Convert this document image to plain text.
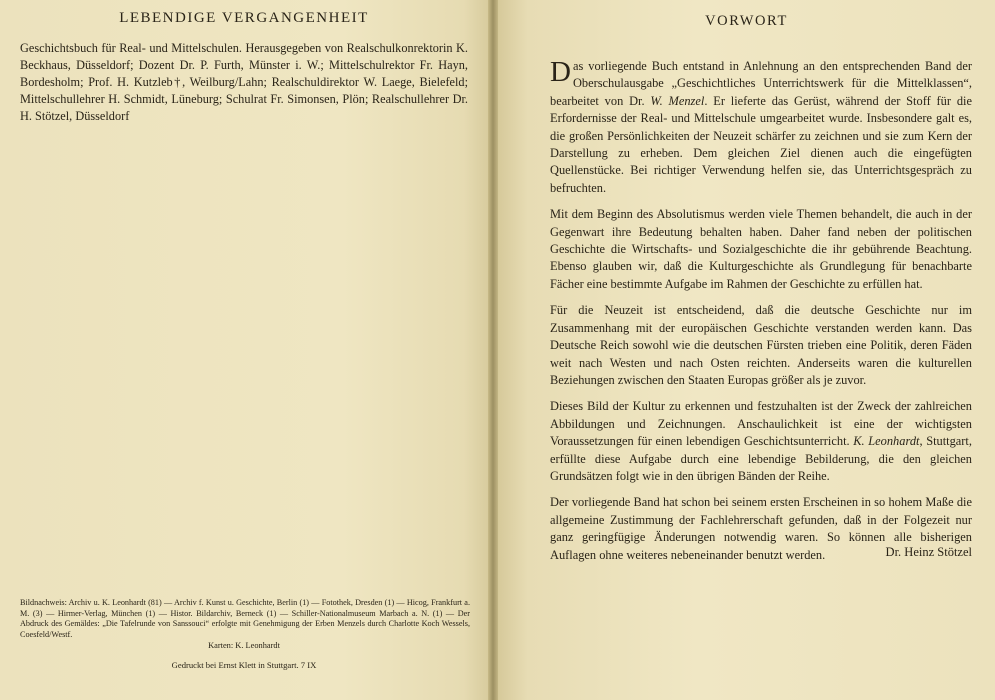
LEBENDIGE VERGANGENHEIT
Geschichtsbuch für Real- und Mittelschulen. Herausgegeben von Realschulkonrektorin K. Beckhaus, Düsseldorf; Dozent Dr. P. Furth, Münster i. W.; Mittelschulrektor Fr. Hayn, Bordesholm; Prof. H. Kutzleb†, Weilburg/Lahn; Realschuldirektor W. Laege, Bielefeld; Mittelschullehrer H. Schmidt, Lüneburg; Schulrat Fr. Simonsen, Plön; Realschullehrer Dr. H. Stötzel, Düsseldorf

Bildnachweis: Archiv u. K. Leonhardt (81) — Archiv f. Kunst u. Geschichte, Berlin (1) — Fotothek, Dresden (1) — Hicog, Frankfurt a. M. (3) — Hirmer-Verlag, München (1) — Histor. Bildarchiv, Berneck (1) — Schiller-Nationalmuseum Marbach a. N. (1) — Der Abdruck des Gemäldes: „Die Tafelrunde von Sanssouci“ erfolgte mit Genehmigung der Erben Menzels durch Charlotte Koch Wessels, Coesfeld/Westf.

Karten: K. Leonhardt
Gedruckt bei Ernst Klett in Stuttgart. 7 IX
VORWORT

Das vorliegende Buch entstand in Anlehnung an den entsprechenden Band der Oberschulausgabe „Geschichtliches Unterrichtswerk für die Mittelklassen“, bearbeitet von Dr. W. Menzel. Er lieferte das Gerüst, während der Stoff für die Erfordernisse der Real- und Mittelschule umgearbeitet wurde. Insbesondere galt es, die großen Persönlichkeiten der Neuzeit schärfer zu zeichnen und sie zum Kern der Darstellung zu erheben. Dem gleichen Ziel dienen auch die eingefügten Quellenstücke. Bei richtiger Verwendung helfen sie, das Unterrichtsgespräch zu befruchten.

Mit dem Beginn des Absolutismus werden viele Themen behandelt, die auch in der Gegenwart ihre Bedeutung behalten haben. Daher fand neben der politischen Geschichte die Wirtschafts- und Sozialgeschichte die ihr gebührende Beachtung. Ebenso glauben wir, daß die Kulturgeschichte als Grundlegung für benachbarte Fächer eine bestimmte Aufgabe im Rahmen der Geschichte zu erfüllen hat.

Für die Neuzeit ist entscheidend, daß die deutsche Geschichte nur im Zusammenhang mit der europäischen Geschichte verstanden werden kann. Das Deutsche Reich sowohl wie die deutschen Fürsten trieben eine Politik, deren Fäden weit nach Westen und nach Osten reichten. Anderseits waren die kulturellen Beziehungen zwischen den Staaten Europas größer als je zuvor.

Dieses Bild der Kultur zu erkennen und festzuhalten ist der Zweck der zahlreichen Abbildungen und Zeichnungen. Anschaulichkeit ist eine der wichtigsten Voraussetzungen für einen lebendigen Geschichtsunterricht. K. Leonhardt, Stuttgart, erfüllte diese Aufgabe durch eine lebendige Bebilderung, die den gleichen Grundsätzen folgt wie in den übrigen Bänden der Reihe.

Der vorliegende Band hat schon bei seinem ersten Erscheinen in so hohem Maße die allgemeine Zustimmung der Fachlehrerschaft gefunden, daß in der Folgezeit nur ganz geringfügige Änderungen notwendig waren. So können alle bisherigen Auflagen ohne weiteres nebeneinander benutzt werden.	Dr. Heinz Stötzel
